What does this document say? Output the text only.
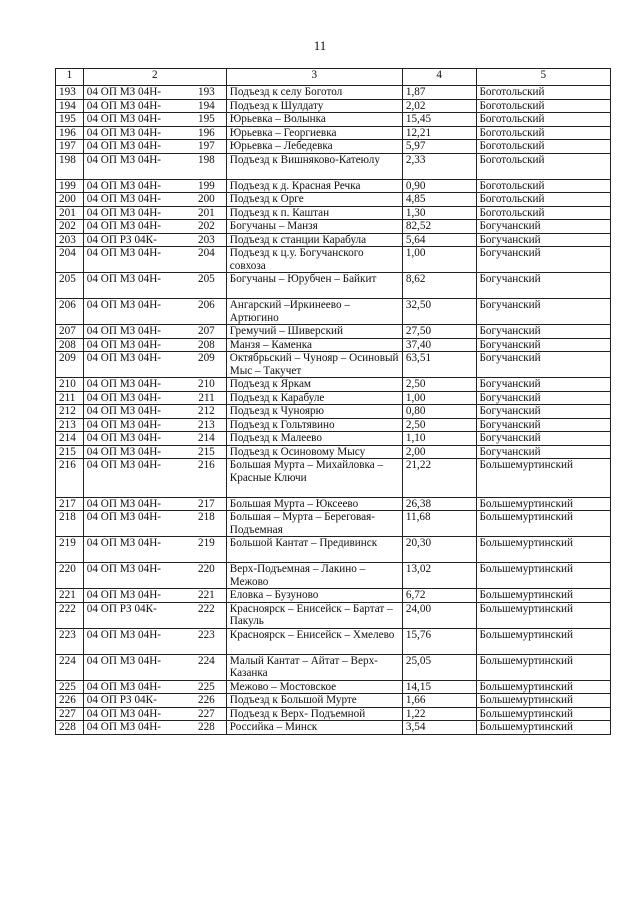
11
1	2	3	4	5
193	04 ОП МЗ 04Н- 193	Подъезд к селу Боготол	1,87	Боготольский
194	04 ОП МЗ 04Н- 194	Подъезд к Шулдату	2,02	Боготольский
195	04 ОП МЗ 04Н- 195	Юрьевка – Волынка	15,45	Боготольский
196	04 ОП МЗ 04Н- 196	Юрьевка – Георгиевка	12,21	Боготольский
197	04 ОП МЗ 04Н- 197	Юрьевка – Лебедевка	5,97	Боготольский
198	04 ОП МЗ 04Н- 198	Подъезд к Вишняково-Катеюлу	2,33	Боготольский
199	04 ОП МЗ 04Н- 199	Подъезд к д. Красная Речка	0,90	Боготольский
200	04 ОП МЗ 04Н- 200	Подъезд к Орге	4,85	Боготольский
201	04 ОП МЗ 04Н- 201	Подъезд к п. Каштан	1,30	Боготольский
202	04 ОП МЗ 04Н- 202	Богучаны – Манзя	82,52	Богучанский
203	04 ОП РЗ 04К- 203	Подъезд к станции Карабула	5,64	Богучанский
204	04 ОП МЗ 04Н- 204	Подъезд к ц.у. Богучанского совхоза	1,00	Богучанский
205	04 ОП МЗ 04Н- 205	Богучаны – Юрубчен – Байкит	8,62	Богучанский
206	04 ОП МЗ 04Н- 206	Ангарский –Иркинеево – Артюгино	32,50	Богучанский
207	04 ОП МЗ 04Н- 207	Гремучий – Шиверский	27,50	Богучанский
208	04 ОП МЗ 04Н- 208	Манзя – Каменка	37,40	Богучанский
209	04 ОП МЗ 04Н- 209	Октябрьский – Чунояр – Осиновый Мыс – Такучет	63,51	Богучанский
210	04 ОП МЗ 04Н- 210	Подъезд к Яркам	2,50	Богучанский
211	04 ОП МЗ 04Н- 211	Подъезд к Карабуле	1,00	Богучанский
212	04 ОП МЗ 04Н- 212	Подъезд к Чуноярю	0,80	Богучанский
213	04 ОП МЗ 04Н- 213	Подъезд к Гольтявино	2,50	Богучанский
214	04 ОП МЗ 04Н- 214	Подъезд к Малеево	1,10	Богучанский
215	04 ОП МЗ 04Н- 215	Подъезд к Осиновому Мысу	2,00	Богучанский
216	04 ОП МЗ 04Н- 216	Большая Мурта – Михайловка – Красные Ключи	21,22	Большемуртинский
217	04 ОП МЗ 04Н- 217	Большая Мурта – Юксеево	26,38	Большемуртинский
218	04 ОП МЗ 04Н- 218	Большая – Мурта – Береговая-Подъемная	11,68	Большемуртинский
219	04 ОП МЗ 04Н- 219	Большой Кантат – Предивинск	20,30	Большемуртинский
220	04 ОП МЗ 04Н- 220	Верх-Подъемная – Лакино – Межово	13,02	Большемуртинский
221	04 ОП МЗ 04Н- 221	Еловка – Бузуново	6,72	Большемуртинский
222	04 ОП РЗ 04К- 222	Красноярск – Енисейск – Бартат – Пакуль	24,00	Большемуртинский
223	04 ОП МЗ 04Н- 223	Красноярск – Енисейск – Хмелево	15,76	Большемуртинский
224	04 ОП МЗ 04Н- 224	Малый Кантат – Айтат – Верх-Казанка	25,05	Большемуртинский
225	04 ОП МЗ 04Н- 225	Межово – Мостовское	14,15	Большемуртинский
226	04 ОП РЗ 04К- 226	Подъезд к Большой Мурте	1,66	Большемуртинский
227	04 ОП МЗ 04Н- 227	Подъезд к Верх- Подъемной	1,22	Большемуртинский
228	04 ОП МЗ 04Н- 228	Российка – Минск	3,54	Большемуртинский
